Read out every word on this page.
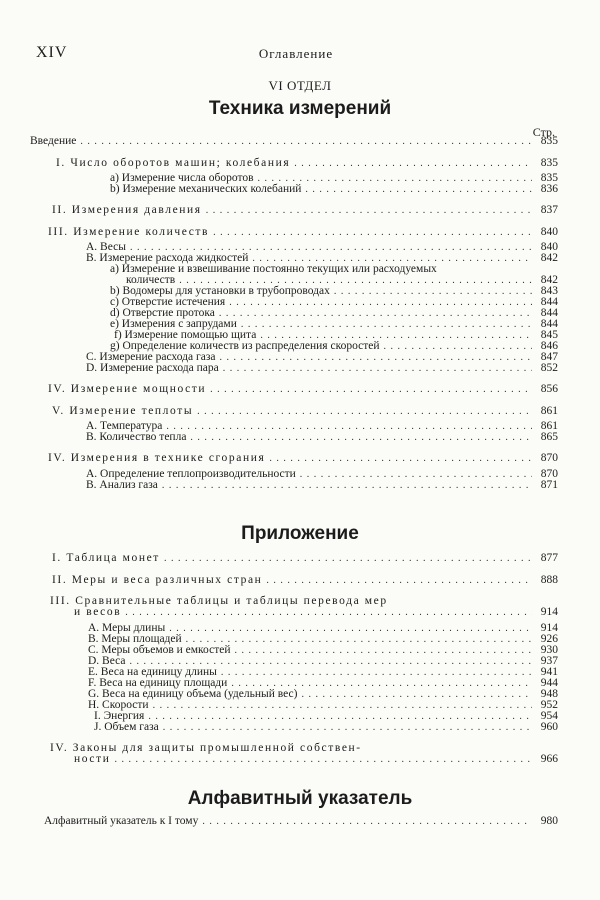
XIV	Оглавление
VI ОТДЕЛ
Техника измерений
Стр.
Введение . . .	835
I. Число оборотов машин; колебания . . .	835
a) Измерение числа оборотов . . .	835
b) Измерение механических колебаний . . .	836
II. Измерения давления . . .	837
III. Измерение количеств . . .	840
A. Весы . . .	840
B. Измерение расхода жидкостей . . .	842
a) Измерение и взвешивание постоянно текущих или расходуемых
количеств . . .	842
b) Водомеры для установки в трубопроводах . . .	843
c) Отверстие истечения . . .	844
d) Отверстие протока . . .	844
e) Измерения с запрудами . . .	844
f) Измерение помощью щита . . .	845
g) Определение количеств из распределения скоростей . . .	846
C. Измерение расхода газа . . .	847
D. Измерение расхода пара . . .	852
IV. Измерение мощности . . .	856
V. Измерение теплоты . . .	861
A. Температура . . .	861
B. Количество тепла . . .	865
IV. Измерения в технике сгорания . . .	870
A. Определение теплопроизводительности . . .	870
B. Анализ газа . . .	871
Приложение
I. Таблица монет . . .	877
II. Меры и веса различных стран . . .	888
III. Сравнительные таблицы и таблицы перевода мер
и весов . . .	914
A. Меры длины . . .	914
B. Меры площадей . . .	926
C. Меры объемов и емкостей . . .	930
D. Веса . . .	937
E. Веса на единицу длины . . .	941
F. Веса на единицу площади . . .	944
G. Веса на единицу объема (удельный вес) . . .	948
H. Скорости . . .	952
I. Энергия . . .	954
J. Объем газа . . .	960
IV. Законы для защиты промышленной собствен-
ности . . .	966
Алфавитный указатель
Алфавитный указатель к I тому . . .	980
